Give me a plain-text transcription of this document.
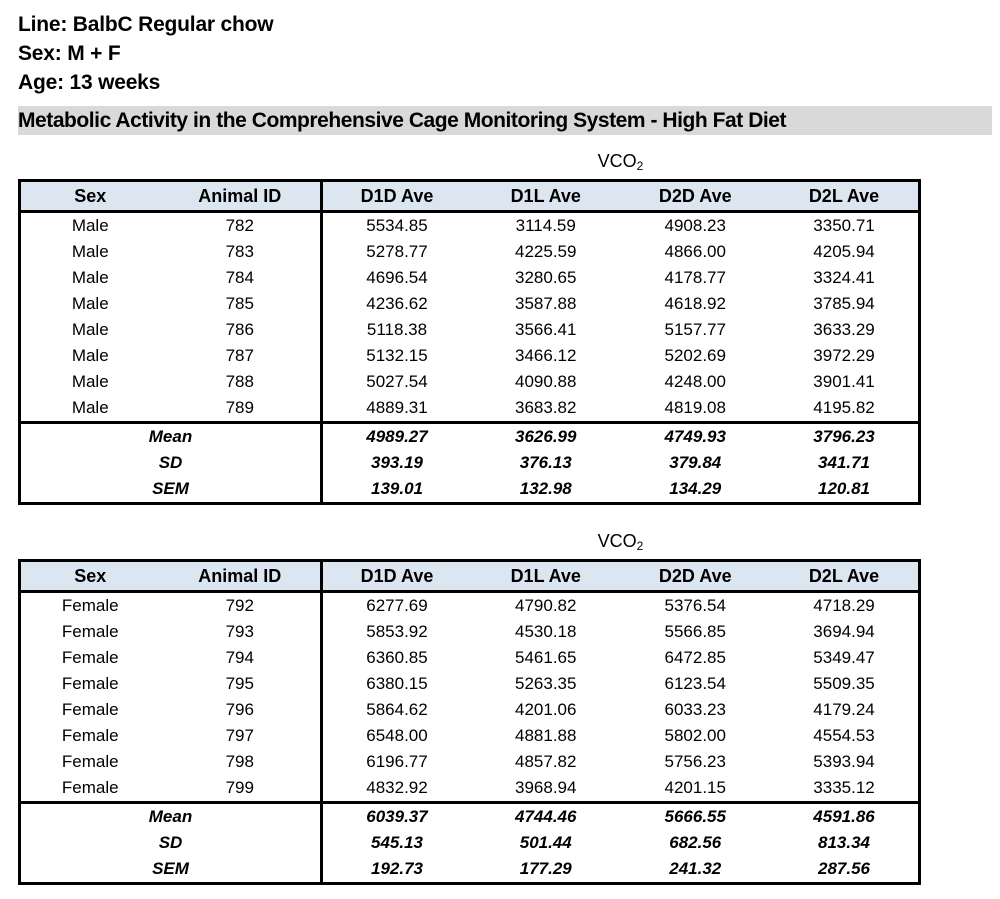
Line: BalbC Regular chow
Sex: M + F
Age: 13 weeks
Metabolic Activity in the Comprehensive Cage Monitoring System - High Fat Diet
		$VCO_2$
Sex	Animal ID	D1D Ave	D1L Ave	D2D Ave	D2L Ave
Male	782	5534.85	3114.59	4908.23	3350.71
Male	783	5278.77	4225.59	4866.00	4205.94
Male	784	4696.54	3280.65	4178.77	3324.41
Male	785	4236.62	3587.88	4618.92	3785.94
Male	786	5118.38	3566.41	5157.77	3633.29
Male	787	5132.15	3466.12	5202.69	3972.29
Male	788	5027.54	4090.88	4248.00	3901.41
Male	789	4889.31	3683.82	4819.08	4195.82
Mean		4989.27	3626.99	4749.93	3796.23
SD		393.19	376.13	379.84	341.71
SEM		139.01	132.98	134.29	120.81
		$VCO_2$
Sex	Animal ID	D1D Ave	D1L Ave	D2D Ave	D2L Ave
Female	792	6277.69	4790.82	5376.54	4718.29
Female	793	5853.92	4530.18	5566.85	3694.94
Female	794	6360.85	5461.65	6472.85	5349.47
Female	795	6380.15	5263.35	6123.54	5509.35
Female	796	5864.62	4201.06	6033.23	4179.24
Female	797	6548.00	4881.88	5802.00	4554.53
Female	798	6196.77	4857.82	5756.23	5393.94
Female	799	4832.92	3968.94	4201.15	3335.12
Mean		6039.37	4744.46	5666.55	4591.86
SD		545.13	501.44	682.56	813.34
SEM		192.73	177.29	241.32	287.56
